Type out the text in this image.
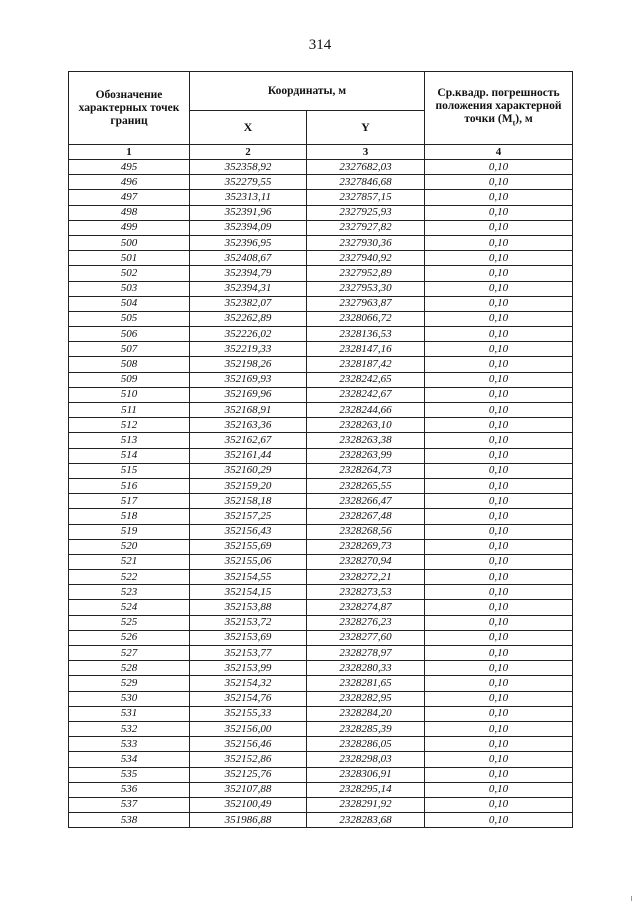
314
Обозначение характерных точек границ	Координаты, м		Ср.квадр. погрешность положения характерной точки $(M_t)$, м
	X	Y	
1	2	3	4
495	352358,92	2327682,03	0,10
496	352279,55	2327846,68	0,10
497	352313,11	2327857,15	0,10
498	352391,96	2327925,93	0,10
499	352394,09	2327927,82	0,10
500	352396,95	2327930,36	0,10
501	352408,67	2327940,92	0,10
502	352394,79	2327952,89	0,10
503	352394,31	2327953,30	0,10
504	352382,07	2327963,87	0,10
505	352262,89	2328066,72	0,10
506	352226,02	2328136,53	0,10
507	352219,33	2328147,16	0,10
508	352198,26	2328187,42	0,10
509	352169,93	2328242,65	0,10
510	352169,96	2328242,67	0,10
511	352168,91	2328244,66	0,10
512	352163,36	2328263,10	0,10
513	352162,67	2328263,38	0,10
514	352161,44	2328263,99	0,10
515	352160,29	2328264,73	0,10
516	352159,20	2328265,55	0,10
517	352158,18	2328266,47	0,10
518	352157,25	2328267,48	0,10
519	352156,43	2328268,56	0,10
520	352155,69	2328269,73	0,10
521	352155,06	2328270,94	0,10
522	352154,55	2328272,21	0,10
523	352154,15	2328273,53	0,10
524	352153,88	2328274,87	0,10
525	352153,72	2328276,23	0,10
526	352153,69	2328277,60	0,10
527	352153,77	2328278,97	0,10
528	352153,99	2328280,33	0,10
529	352154,32	2328281,65	0,10
530	352154,76	2328282,95	0,10
531	352155,33	2328284,20	0,10
532	352156,00	2328285,39	0,10
533	352156,46	2328286,05	0,10
534	352152,86	2328298,03	0,10
535	352125,76	2328306,91	0,10
536	352107,88	2328295,14	0,10
537	352100,49	2328291,92	0,10
538	351986,88	2328283,68	0,10
